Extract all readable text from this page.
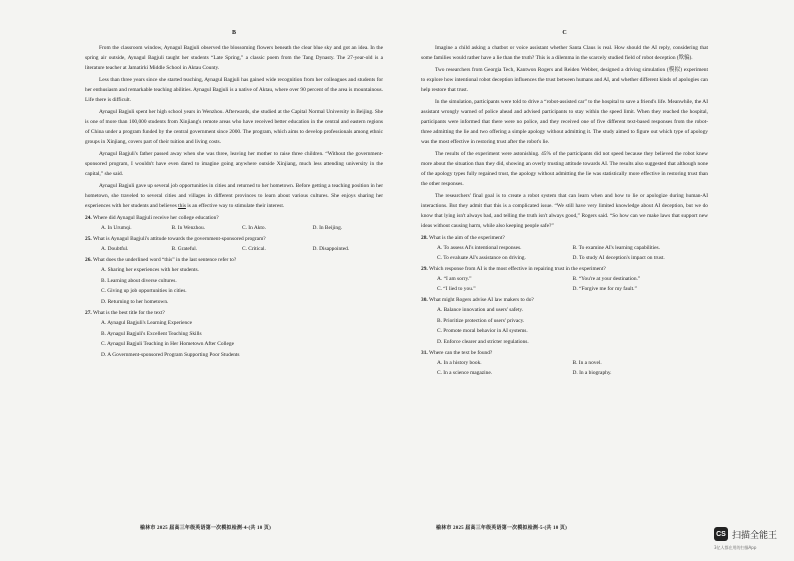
B

From the classroom window, Aynagul Bagjuli observed the blossoming flowers beneath the clear blue sky and got an idea. In the spring air outside, Aynagul Bagjuli taught her students “Late Spring,” a classic poem from the Tang Dynasty. The 27-year-old is a literature teacher at Jamatirki Middle School in Aktau County.

Less than three years since she started teaching, Aynagul Bagjuli has gained wide recognition from her colleagues and students for her enthusiasm and remarkable teaching abilities. Aynagul Bagjuli is a native of Aktau, where over 90 percent of the area is mountainous. Life there is difficult.

Aynagul Bagjuli spent her high school years in Wenzhou. Afterwards, she studied at the Capital Normal University in Beijing. She is one of more than 100,000 students from Xinjiang's remote areas who have received better education in the central and eastern regions of China under a program funded by the central government since 2000. The program, which aims to develop professionals among ethnic groups in Xinjiang, covers part of their tuition and living costs.

Aynagul Bagjuli's father passed away when she was three, leaving her mother to raise three children. “Without the government-sponsored program, I wouldn't have even dared to imagine going anywhere outside Xinjiang, much less attending university in the capital,” she said.

Aynagul Bagjuli gave up several job opportunities in cities and returned to her hometown. Before getting a teaching position in her hometown, she traveled to several cities and villages in different provinces to learn about various cultures. She enjoys sharing her experiences with her students and believes this is an effective way to stimulate their interest.

24. Where did Aynagul Bagjuli receive her college education?
A. In Urumqi.	B. In Wenzhou.	C. In Akto.	D. In Beijing.
25. What is Aynagul Bagjuli's attitude towards the government-sponsored program?
A. Doubtful.	B. Grateful.	C. Critical.	D. Disappointed.
26. What does the underlined word “this” in the last sentence refer to?
A. Sharing her experiences with her students.
B. Learning about diverse cultures.
C. Giving up job opportunities in cities.
D. Returning to her hometown.
27. What is the best title for the text?
A. Aynagul Bagjuli's Learning Experience
B. Aynagul Bagjuli's Excellent Teaching Skills
C. Aynagul Bagjuli Teaching in Her Hometown After College
D. A Government-sponsored Program Supporting Poor Students
榆林市 2025 届高三年级英语第一次模拟检测-4-(共 10 页)
C

Imagine a child asking a chatbot or voice assistant whether Santa Claus is real. How should the AI reply, considering that some families would rather have a lie than the truth? This is a dilemma in the scarcely studied field of robot deception (欺骗).

Two researchers from Georgia Tech, Kantwon Rogers and Reiden Webber, designed a driving simulation (模拟) experiment to explore how intentional robot deception influences the trust between humans and AI, and whether different kinds of apologies can help restore that trust.

In the simulation, participants were told to drive a “robot-assisted car” to the hospital to save a friend's life. Meanwhile, the AI assistant wrongly warned of police ahead and advised participants to stay within the speed limit. When they reached the hospital, participants were informed that there were no police, and they received one of five different text-based responses from the robot-three admitting the lie and two offering a simple apology without admitting it. The study aimed to figure out which type of apology was the most effective in restoring trust after the robot's lie.

The results of the experiment were astonishing. 45% of the participants did not speed because they believed the robot knew more about the situation than they did, showing an overly trusting attitude towards AI. The results also suggested that although none of the apology types fully regained trust, the apology without admitting the lie was statistically more effective in restoring trust than the other responses.

The researchers' final goal is to create a robot system that can learn when and how to lie or apologize during human-AI interactions. But they admit that this is a complicated issue. “We still have very limited knowledge about AI deception, but we do know that lying isn't always bad, and telling the truth isn't always good,” Rogers said. “So how can we make laws that support new ideas without causing harm, while also keeping people safe?”

28. What is the aim of the experiment?
A. To assess AI's intentional responses.	B. To examine AI's learning capabilities.
C. To evaluate AI's assistance on driving.	D. To study AI deception's impact on trust.
29. Which response from AI is the most effective in repairing trust in the experiment?
A. “I am sorry.”	B. “You're at your destination.”
C. “I lied to you.”	D. “Forgive me for my fault.”
30. What might Rogers advise AI law makers to do?
A. Balance innovation and users' safety.
B. Prioritize protection of users' privacy.
C. Promote moral behavior in AI systems.
D. Enforce clearer and stricter regulations.
31. Where can the text be found?
A. In a history book.	B. In a novel.
C. In a science magazine.	D. In a biography.
榆林市 2025 届高三年级英语第一次模拟检测-5-(共 10 页)
CS 扫描全能王
3亿人都在用的扫描App
